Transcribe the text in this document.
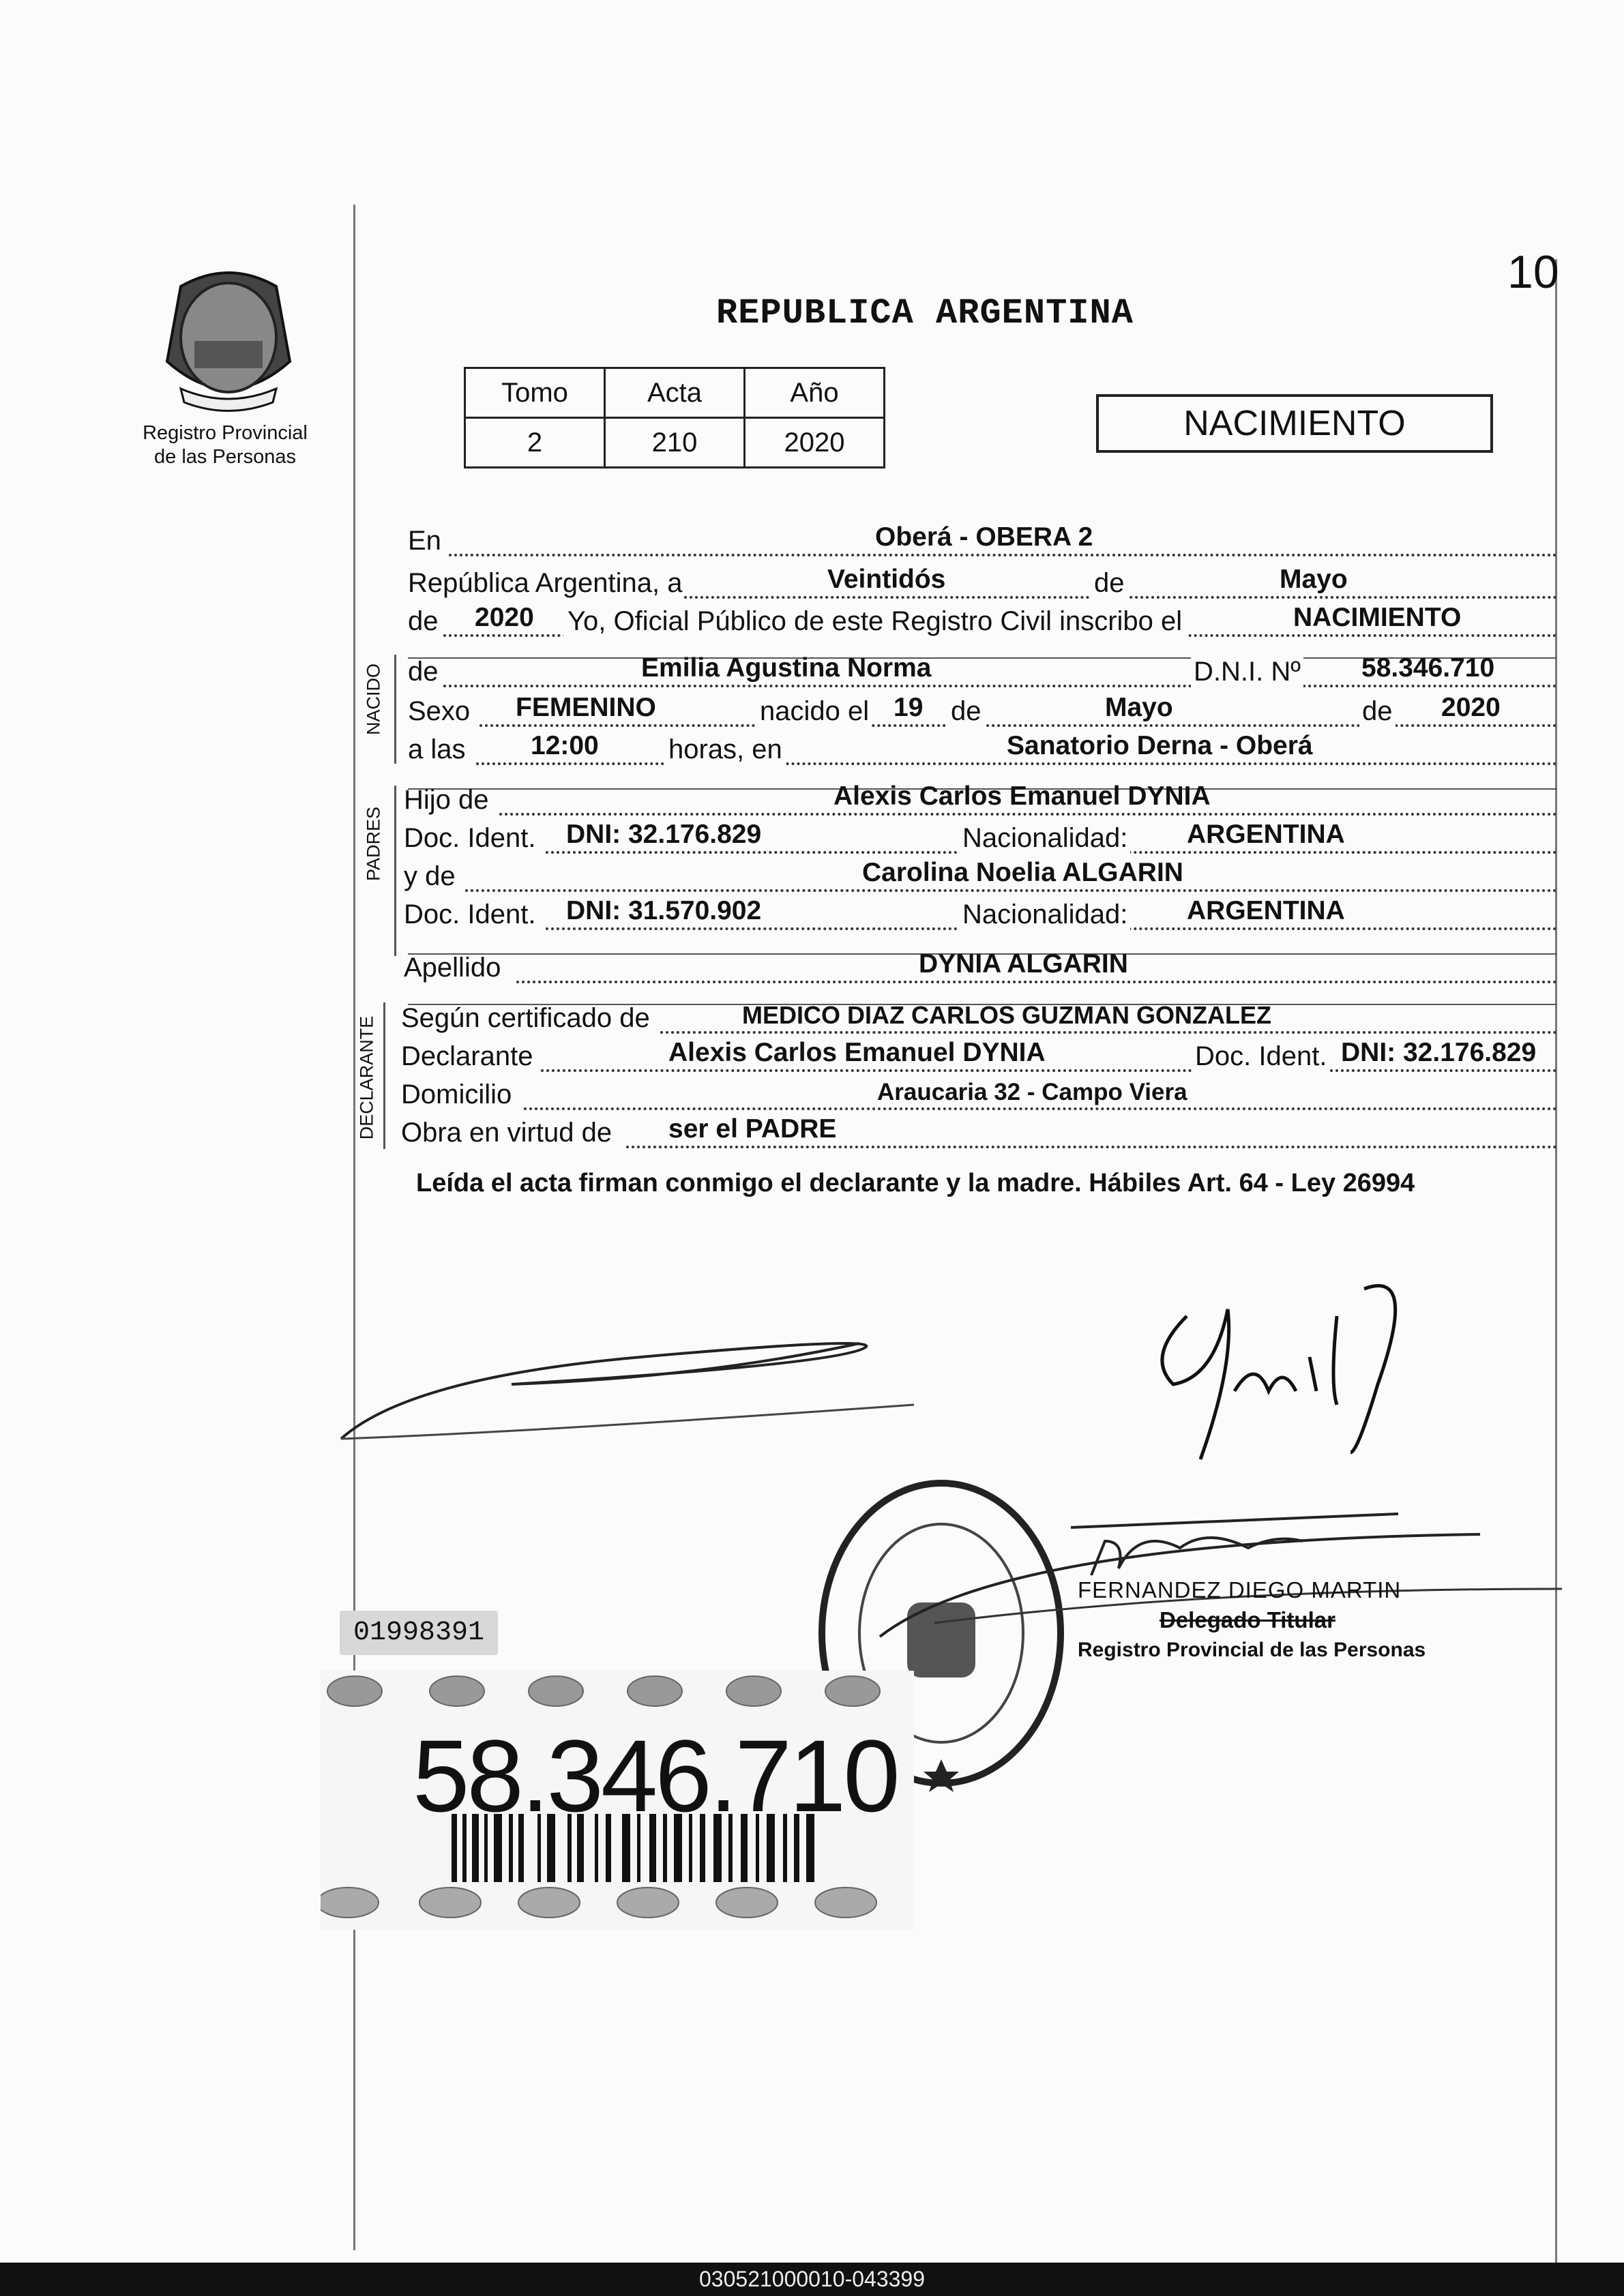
10
Registro Provincial
de las Personas
REPUBLICA ARGENTINA
Tomo	Acta	Año
2	210	2020	NACIMIENTO
En	Oberá - OBERA 2
República Argentina, a	Veintidós	de	Mayo
de 2020 Yo, Oficial Público de este Registro Civil inscribo el	NACIMIENTO
NACIDO de	Emilia Agustina Norma	D.N.I. Nº 58.346.710
Sexo FEMENINO	nacido el 19 de	Mayo	de 2020
a las 12:00	horas, en	Sanatorio Derna - Oberá
PADRES
Hijo de	Alexis Carlos Emanuel DYNIA
Doc. Ident. DNI: 32.176.829	Nacionalidad: ARGENTINA
y de	Carolina Noelia ALGARIN
Doc. Ident. DNI: 31.570.902	Nacionalidad: ARGENTINA
Apellido	DYNIA ALGARIN
DECLARANTE Según certificado de	MEDICO DIAZ CARLOS GUZMAN GONZALEZ
Declarante	Alexis Carlos Emanuel DYNIA	Doc. Ident. DNI: 32.176.829
Domicilio	Araucaria 32 - Campo Viera
Obra en virtud de ser el PADRE
Leída el acta firman conmigo el declarante y la madre. Hábiles Art. 64 - Ley 26994
FERNANDEZ DIEGO MARTIN
Delegado Titular
Registro Provincial de las Personas
01998391
58.346.710
030521000010-043399
